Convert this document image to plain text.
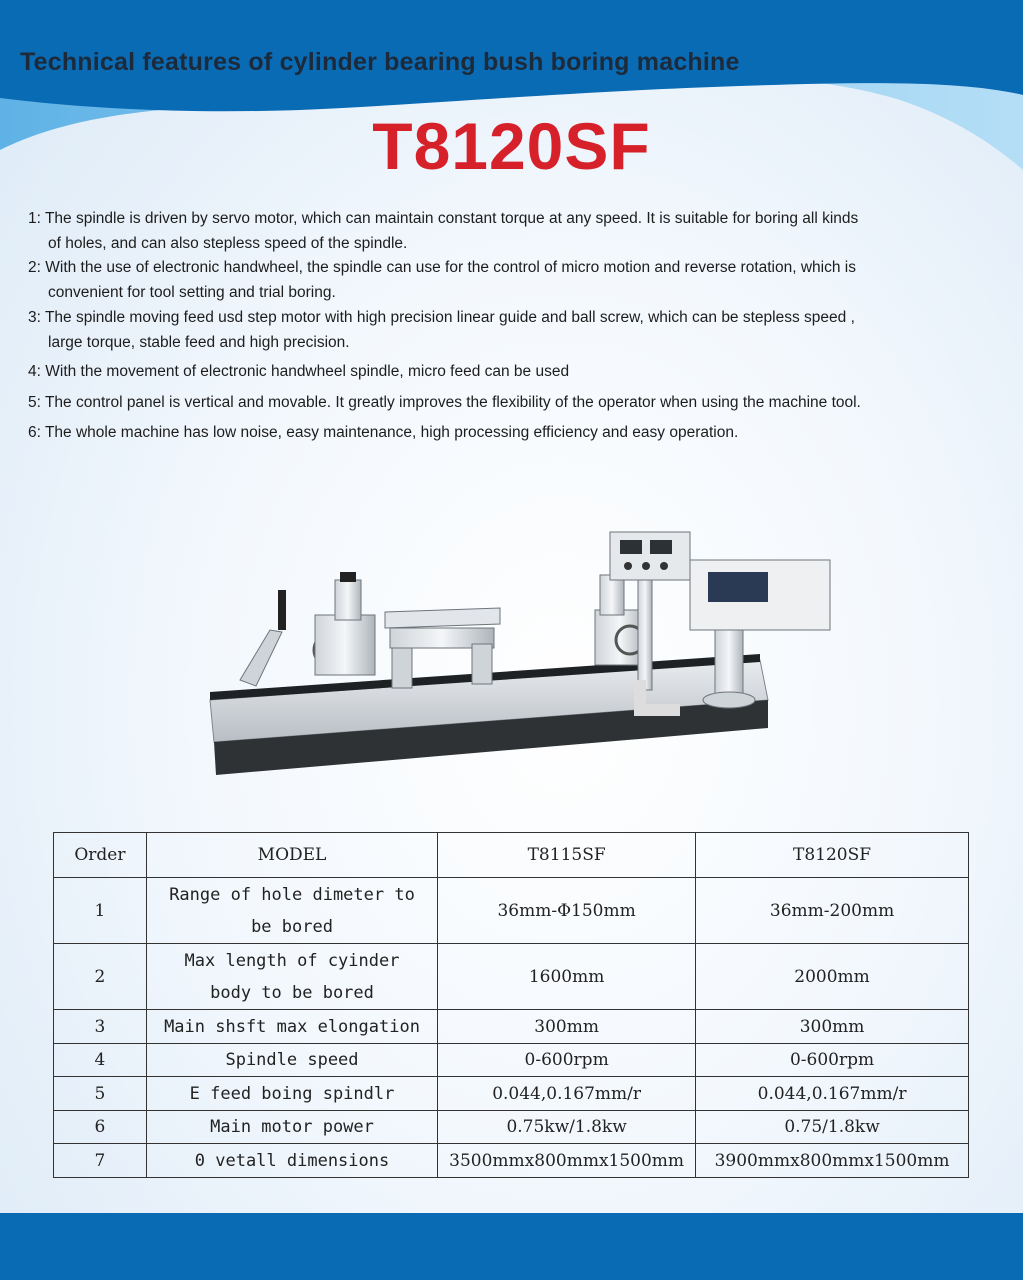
Technical features of cylinder bearing bush boring machine
T8120SF
1: The spindle is driven by servo motor, which can maintain constant torque at any speed. It is suitable for boring all kinds
of holes, and can also stepless speed of the spindle.
2: With the use of electronic handwheel, the spindle can use for the control of micro motion and reverse rotation, which is
convenient for tool setting and trial boring.
3: The spindle moving feed usd step motor with high precision linear guide and ball screw, which can be stepless speed ,
large torque, stable feed and high precision.
4: With the movement of electronic handwheel spindle, micro feed can be used
5: The control panel is vertical and movable. It greatly improves the flexibility of the operator when using the machine tool.
6: The whole machine has low noise, easy maintenance, high processing efficiency and easy operation.
Order	MODEL	T8115SF	T8120SF
1	Range of hole dimeter to
be bored	36mm-Φ150mm	36mm-200mm
2	Max length of cyinder
body to be bored	1600mm	2000mm
3	Main shsft max elongation	300mm	300mm
4	Spindle speed	0-600rpm	0-600rpm
5	E feed boing spindlr	0.044,0.167mm/r	0.044,0.167mm/r
6	Main motor power	0.75kw/1.8kw	0.75/1.8kw
7	0 vetall dimensions	3500mmx800mmx1500mm	3900mmx800mmx1500mm
